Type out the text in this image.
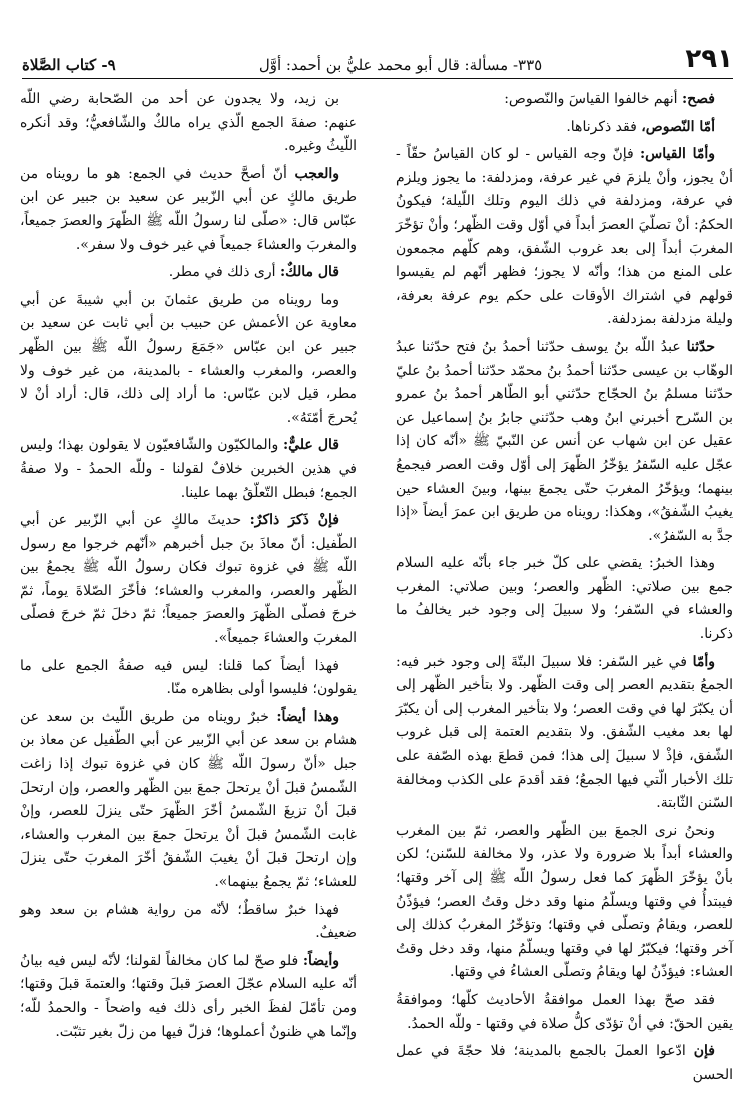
٢٩١
٣٣٥- مسألة: قال أبو محمد عليُّ بن أحمد: أوَّل
٩- كتاب الصَّلاة

فصح: أنهم خالفوا القياسَ والنّصوص:

أمّا النّصوص، فقد ذكرناها.

وأمّا القياس: فإنّ وجه القياس - لو كان القياسُ حقّاً - أنْ يجوز، وأنْ يلزمَ في غير عرفة، ومزدلفة: ما يجوز ويلزم في عرفة، ومزدلفة في ذلك اليوم وتلك اللّيلة؛ فيكونُ الحكمُ: أنْ تصلّيَ العصرَ أبداً في أوّل وقت الظّهر؛ وأنْ تؤخّرَ المغربَ أبداً إلى بعد غروب الشّفق، وهم كلّهم مجمعون على المنع من هذا؛ وأنّه لا يجوز؛ فظهر أنّهم لم يقيسوا قولهم في اشتراك الأوقات على حكم يوم عرفة بعرفة، وليلة مزدلفة بمزدلفة.

حدّثنا عبدُ اللّه بنُ يوسف حدّثنا أحمدُ بنُ فتح حدّثنا عبدُ الوهّاب بن عيسى حدّثنا أحمدُ بنُ محمّد حدّثنا أحمدُ بنُ عليّ حدّثنا مسلمُ بنُ الحجّاج حدّثني أبو الطّاهر أحمدُ بنُ عمرو بن السّرح أخبرني ابنُ وهب حدّثني جابرُ بنُ إسماعيل عن عقيل عن ابن شهاب عن أنس عن النّبيّ ﷺ «أنّه كان إذا عجّل عليه السّفرُ يؤخّرُ الظّهرَ إلى أوّل وقت العصر فيجمعُ بينهما؛ ويؤخّرُ المغربَ حتّى يجمعَ بينها، وبينَ العشاء حين يغيبُ الشّفقُ»، وهكذا: رويناه من طريق ابن عمرَ أيضاً «إذا جدَّ به السّفرُ».

وهذا الخبرُ: يقضي على كلّ خبر جاء بأنّه عليه السلام جمع بين صلاتي: الظّهر والعصر؛ وبين صلاتي: المغرب والعشاء في السّفر؛ ولا سبيلَ إلى وجود خبر يخالفُ ما ذكرنا.

وأمّا في غير السّفر: فلا سبيلَ البتّةَ إلى وجود خبر فيه: الجمعُ بتقديم العصر إلى وقت الظّهر. ولا بتأخير الظّهر إلى أن يكبّرَ لها في وقت العصر؛ ولا بتأخير المغرب إلى أن يكبّرَ لها بعد مغيب الشّفق. ولا بتقديم العتمة إلى قبل غروب الشّفق، فإذْ لا سبيلَ إلى هذا؛ فمن قطعَ بهذه الصّفة على تلك الأخبار الّتي فيها الجمعُ؛ فقد أقدمَ على الكذب ومخالفة السّنن الثّابتة.

ونحنُ نرى الجمعَ بين الظّهر والعصر، ثمّ بين المغرب والعشاء أبداً بلا ضرورة ولا عذر، ولا مخالفة للسّنن؛ لكن بأنْ يؤخّرَ الظّهرَ كما فعل رسولُ اللّه ﷺ إلى آخر وقتها؛ فيبتدأُ في وقتها ويسلّمُ منها وقد دخل وقتُ العصر؛ فيؤذّنُ للعصر، ويقامُ وتصلّى في وقتها؛ وتؤخّرُ المغربُ كذلك إلى آخر وقتها؛ فيكبّرُ لها في وقتها ويسلّمُ منها، وقد دخل وقتُ العشاء: فيؤذّنُ لها ويقامُ وتصلّى العشاءُ في وقتها.

فقد صحّ بهذا العمل موافقةُ الأحاديث كلّها؛ وموافقةُ يقين الحقّ: في أنْ تؤدّى كلُّ صلاة في وقتها - وللّه الحمدُ.

فإن ادّعوا العملَ بالجمع بالمدينة؛ فلا حجّةَ في عمل الحسن

بن زيد، ولا يجدون عن أحد من الصّحابة رضي اللّه عنهم: صفةَ الجمع الّذي يراه مالكٌ والشّافعيُّ؛ وقد أنكره اللّيثُ وغيره.

والعجب أنّ أصحَّ حديث في الجمع: هو ما رويناه من طريق مالكٍ عن أبي الزّبير عن سعيد بن جبير عن ابن عبّاس قال: «صلّى لنا رسولُ اللّه ﷺ الظّهرَ والعصرَ جميعاً، والمغربَ والعشاءَ جميعاً في غير خوف ولا سفر».

قال مالكٌ: أرى ذلك في مطر.

وما رويناه من طريق عثمانَ بن أبي شيبةَ عن أبي معاوية عن الأعمش عن حبيب بن أبي ثابت عن سعيد بن جبير عن ابن عبّاس «جَمَعَ رسولُ اللّه ﷺ بين الظّهر والعصر، والمغرب والعشاء - بالمدينة، من غير خوف ولا مطر، قيل لابن عبّاس: ما أراد إلى ذلك، قال: أراد أنْ لا يُحرجَ أمّتَهُ».

قال عليٌّ: والمالكيّون والشّافعيّون لا يقولون بهذا؛ وليس في هذين الخبرين خلافٌ لقولنا - وللّه الحمدُ - ولا صفةُ الجمع؛ فبطل التّعلّقُ بهما علينا.

فإنْ ذَكرَ ذاكرٌ: حديثَ مالكٍ عن أبي الزّبير عن أبي الطّفيل: أنّ معاذَ بنَ جبل أخبرهم «أنّهم خرجوا مع رسول اللّه ﷺ في غزوة تبوك فكان رسولُ اللّه ﷺ يجمعُ بين الظّهر والعصر، والمغرب والعشاء؛ فأخّرَ الصّلاةَ يوماً، ثمّ خرجَ فصلّى الظّهرَ والعصرَ جميعاً؛ ثمّ دخلَ ثمّ خرجَ فصلّى المغربَ والعشاءَ جميعاً».

فهذا أيضاً كما قلنا: ليس فيه صفةُ الجمع على ما يقولون؛ فليسوا أولى بظاهره منّا.

وهذا أيضاً: خبرٌ رويناه من طريق اللّيث بن سعد عن هشام بن سعد عن أبي الزّبير عن أبي الطّفيل عن معاذ بن جبل «أنّ رسولَ اللّه ﷺ كان في غزوة تبوك إذا زاغت الشّمسُ قبلَ أنْ يرتحلَ جمعَ بين الظّهر والعصر، وإن ارتحلَ قبلَ أنْ تزيغَ الشّمسُ أخّرَ الظّهرَ حتّى ينزلَ للعصر، وإنْ غابت الشّمسُ قبلَ أنْ يرتحلَ جمعَ بين المغرب والعشاء، وإن ارتحلَ قبلَ أنْ يغيبَ الشّفقُ أخّرَ المغربَ حتّى ينزلَ للعشاء؛ ثمّ يجمعُ بينهما».

فهذا خبرٌ ساقطٌ؛ لأنّه من رواية هشام بن سعد وهو ضعيفٌ.

وأيضاً: فلو صحّ لما كان مخالفاً لقولنا؛ لأنّه ليس فيه بيانُ أنّه عليه السلام عجّلَ العصرَ قبلَ وقتها؛ والعتمةَ قبلَ وقتها؛ ومن تأمّلَ لفظَ الخبر رأى ذلك فيه واضحاً - والحمدُ للّه؛ وإنّما هي ظنونٌ أعملوها؛ فزلّ فيها من زلّ بغير تثبّت.
